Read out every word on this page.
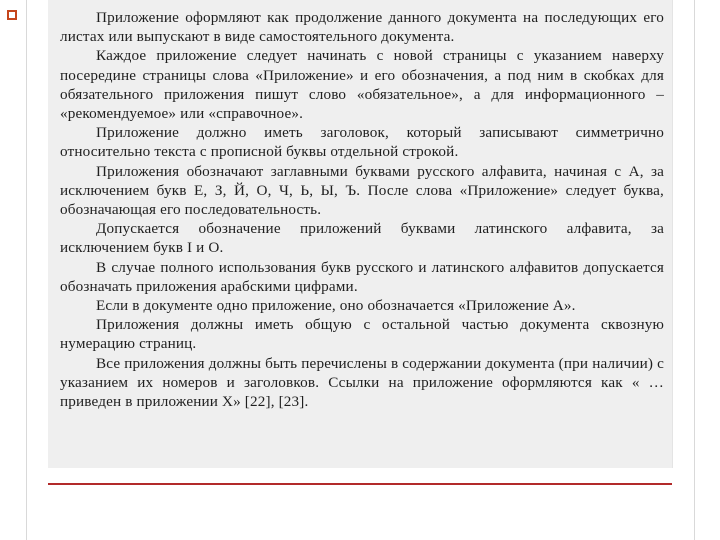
Приложение оформляют как продолжение данного документа на последующих его листах или выпускают в виде самостоятельного документа.

Каждое приложение следует начинать с новой страницы с указанием наверху посередине страницы слова «Приложение» и его обозначения, а под ним в скобках для обязательного приложения пишут слово «обязательное», а для информационного – «рекомендуемое» или «справочное».

Приложение должно иметь заголовок, который записывают симметрично относительно текста с прописной буквы отдельной строкой.

Приложения обозначают заглавными буквами русского алфавита, начиная с А, за исключением букв Е, З, Й, О, Ч, Ь, Ы, Ъ. После слова «Приложение» следует буква, обозначающая его последовательность.

Допускается обозначение приложений буквами латинского алфавита, за исключением букв I и O.

В случае полного использования букв русского и латинского алфавитов допускается обозначать приложения арабскими цифрами.

Если в документе одно приложение, оно обозначается «Приложение А».

Приложения должны иметь общую с остальной частью документа сквозную нумерацию страниц.

Все приложения должны быть перечислены в содержании документа (при наличии) с указанием их номеров и заголовков. Ссылки на приложение оформляются как « … приведен в приложении Х» [22], [23].
